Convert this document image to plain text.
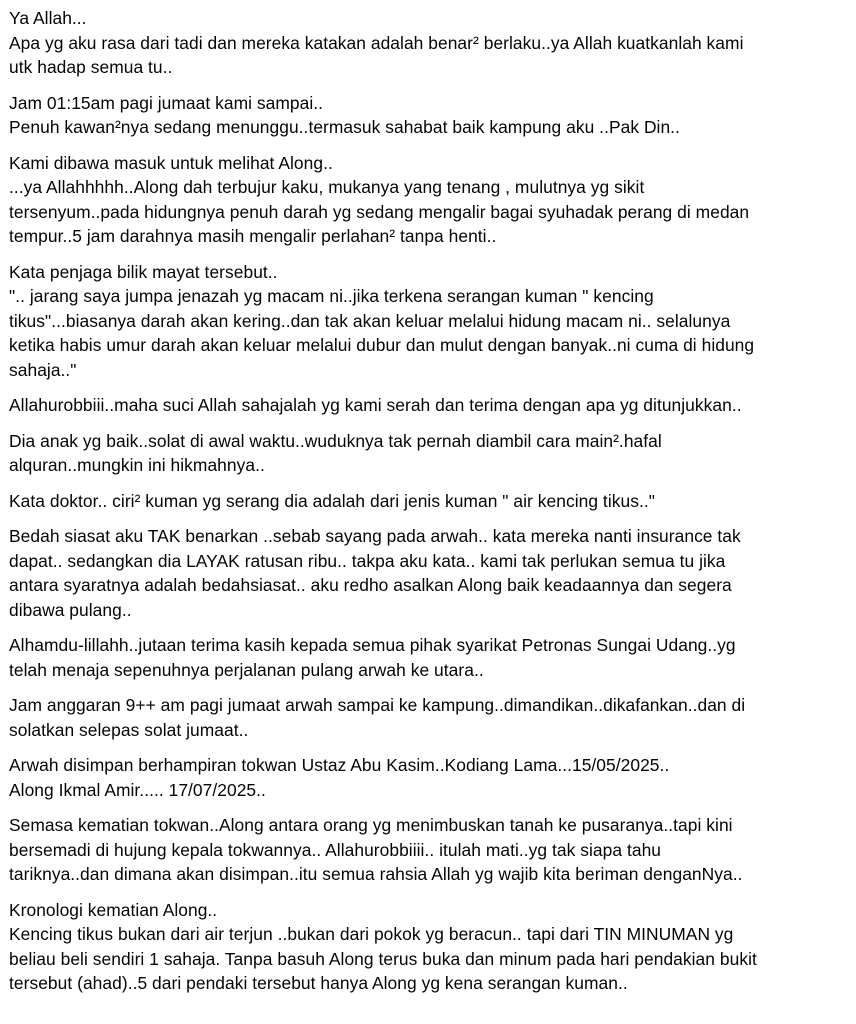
Ya Allah...
Apa yg aku rasa dari tadi dan mereka katakan adalah benar² berlaku..ya Allah kuatkanlah kami
utk hadap semua tu..

Jam 01:15am pagi jumaat kami sampai..
Penuh kawan²nya sedang menunggu..termasuk sahabat baik kampung aku ..Pak Din..

Kami dibawa masuk untuk melihat Along..
...ya Allahhhhh..Along dah terbujur kaku, mukanya yang tenang , mulutnya yg sikit
tersenyum..pada hidungnya penuh darah yg sedang mengalir bagai syuhadak perang di medan
tempur..5 jam darahnya masih mengalir perlahan² tanpa henti..

Kata penjaga bilik mayat tersebut..
".. jarang saya jumpa jenazah yg macam ni..jika terkena serangan kuman " kencing
tikus"...biasanya darah akan kering..dan tak akan keluar melalui hidung macam ni.. selalunya
ketika habis umur darah akan keluar melalui dubur dan mulut dengan banyak..ni cuma di hidung
sahaja.."

Allahurobbiii..maha suci Allah sahajalah yg kami serah dan terima dengan apa yg ditunjukkan..

Dia anak yg baik..solat di awal waktu..wuduknya tak pernah diambil cara main².hafal
alquran..mungkin ini hikmahnya..

Kata doktor.. ciri² kuman yg serang dia adalah dari jenis kuman " air kencing tikus.."

Bedah siasat aku TAK benarkan ..sebab sayang pada arwah.. kata mereka nanti insurance tak
dapat.. sedangkan dia LAYAK ratusan ribu.. takpa aku kata.. kami tak perlukan semua tu jika
antara syaratnya adalah bedahsiasat.. aku redho asalkan Along baik keadaannya dan segera
dibawa pulang..

Alhamdu-lillahh..jutaan terima kasih kepada semua pihak syarikat Petronas Sungai Udang..yg
telah menaja sepenuhnya perjalanan pulang arwah ke utara..

Jam anggaran 9++ am pagi jumaat arwah sampai ke kampung..dimandikan..dikafankan..dan di
solatkan selepas solat jumaat..

Arwah disimpan berhampiran tokwan Ustaz Abu Kasim..Kodiang Lama...15/05/2025..
Along Ikmal Amir..... 17/07/2025..

Semasa kematian tokwan..Along antara orang yg menimbuskan tanah ke pusaranya..tapi kini
bersemadi di hujung kepala tokwannya.. Allahurobbiiii.. itulah mati..yg tak siapa tahu
tariknya..dan dimana akan disimpan..itu semua rahsia Allah yg wajib kita beriman denganNya..

Kronologi kematian Along..
Kencing tikus bukan dari air terjun ..bukan dari pokok yg beracun.. tapi dari TIN MINUMAN yg
beliau beli sendiri 1 sahaja. Tanpa basuh Along terus buka dan minum pada hari pendakian bukit
tersebut (ahad)..5 dari pendaki tersebut hanya Along yg kena serangan kuman..
